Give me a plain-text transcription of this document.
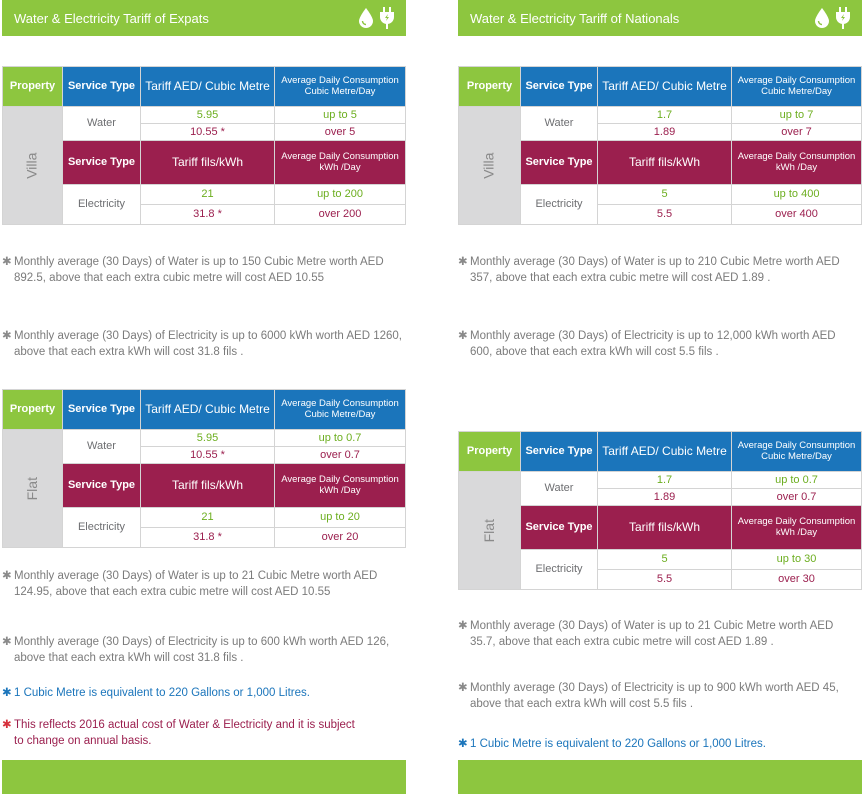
Water & Electricity Tariff of Expats
Property	Service Type	Tariff AED/ Cubic Metre	Average Daily Consumption Cubic Metre/Day
Villa	Water	5.95	up to 5
		10.55 *	over 5
	Service Type	Tariff fils/kWh	Average Daily Consumption kWh /Day
	Electricity	21	up to 200
		31.8 *	over 200
✱ Monthly average (30 Days) of Water is up to 150 Cubic Metre worth AED 892.5, above that each extra cubic metre will cost AED 10.55
✱ Monthly average (30 Days) of Electricity is up to 6000 kWh worth AED 1260, above that each extra kWh will cost 31.8 fils .
Property	Service Type	Tariff AED/ Cubic Metre	Average Daily Consumption Cubic Metre/Day
Flat	Water	5.95	up to 0.7
		10.55 *	over 0.7
	Service Type	Tariff fils/kWh	Average Daily Consumption kWh /Day
	Electricity	21	up to 20
		31.8 *	over 20
✱ Monthly average (30 Days) of Water is up to 21 Cubic Metre worth AED 124.95, above that each extra cubic metre will cost AED 10.55
✱ Monthly average (30 Days) of Electricity is up to 600 kWh worth AED 126, above that each extra kWh will cost 31.8 fils .
✱ 1 Cubic Metre is equivalent to 220 Gallons or 1,000 Litres.
✱ This reflects 2016 actual cost of Water & Electricity and it is subject to change on annual basis.
Water & Electricity Tariff of Nationals
Property	Service Type	Tariff AED/ Cubic Metre	Average Daily Consumption Cubic Metre/Day
Villa	Water	1.7	up to 7
		1.89	over 7
	Service Type	Tariff fils/kWh	Average Daily Consumption kWh /Day
	Electricity	5	up to 400
		5.5	over 400
✱ Monthly average (30 Days) of Water is up to 210 Cubic Metre worth AED 357, above that each extra cubic metre will cost AED 1.89 .
✱ Monthly average (30 Days) of Electricity is up to 12,000 kWh worth AED 600, above that each extra kWh will cost 5.5 fils .
Property	Service Type	Tariff AED/ Cubic Metre	Average Daily Consumption Cubic Metre/Day
Flat	Water	1.7	up to 0.7
		1.89	over 0.7
	Service Type	Tariff fils/kWh	Average Daily Consumption kWh /Day
	Electricity	5	up to 30
		5.5	over 30
✱ Monthly average (30 Days) of Water is up to 21 Cubic Metre worth AED 35.7, above that each extra cubic metre will cost AED 1.89 .
✱ Monthly average (30 Days) of Electricity is up to 900 kWh worth AED 45, above that each extra kWh will cost 5.5 fils .
✱ 1 Cubic Metre is equivalent to 220 Gallons or 1,000 Litres.
